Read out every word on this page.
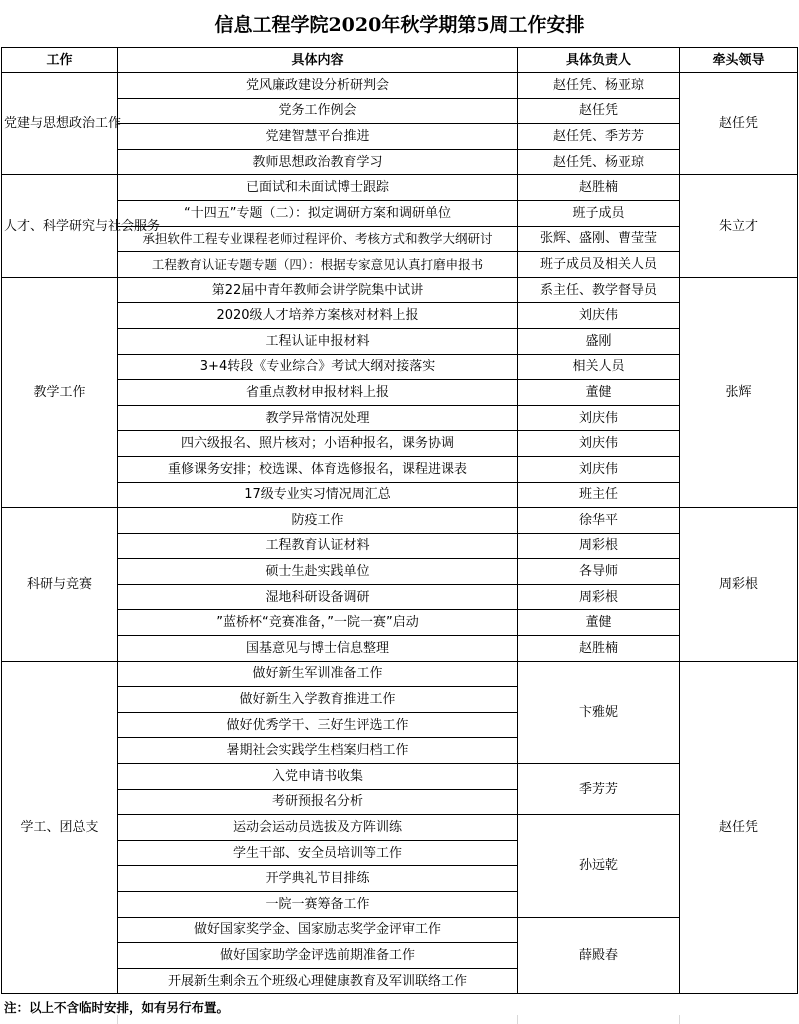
信息工程学院2020年秋学期第5周工作安排
工作	具体内容	具体负责人	牵头领导
党建与思想政治工作	党风廉政建设分析研判会	赵任凭、杨亚琼	赵任凭
	党务工作例会	赵任凭	
	党建智慧平台推进	赵任凭、季芳芳	
	教师思想政治教育学习	赵任凭、杨亚琼	
人才、科学研究与社会服务	已面试和未面试博士跟踪	赵胜楠	朱立才
	“十四五”专题（二）：拟定调研方案和调研单位	班子成员	
	承担软件工程专业课程老师过程评价、考核方式和教学大纲研讨	张辉、盛刚、曹莹莹	
	工程教育认证专题专题（四）：根据专家意见认真打磨申报书	班子成员及相关人员	
教学工作	第22届中青年教师会讲学院集中试讲	系主任、教学督导员	张辉
	2020级人才培养方案核对材料上报	刘庆伟	
	工程认证申报材料	盛刚	
	3+4转段《专业综合》考试大纲对接落实	相关人员	
	省重点教材申报材料上报	董健	
	教学异常情况处理	刘庆伟	
	四六级报名、照片核对；小语种报名，课务协调	刘庆伟	
	重修课务安排；校选课、体育选修报名，课程进课表	刘庆伟	
	17级专业实习情况周汇总	班主任	
科研与竞赛	防疫工作	徐华平	周彩根
	工程教育认证材料	周彩根	
	硕士生赴实践单位	各导师	
	湿地科研设备调研	周彩根	
	”蓝桥杯“竞赛准备，”一院一赛”启动	董健	
	国基意见与博士信息整理	赵胜楠	
学工、团总支	做好新生军训准备工作	卞雅妮	赵任凭
	做好新生入学教育推进工作		
	做好优秀学干、三好生评选工作		
	暑期社会实践学生档案归档工作		
	入党申请书收集	季芳芳	
	考研预报名分析		
	运动会运动员选拔及方阵训练	孙远乾	
	学生干部、安全员培训等工作		
	开学典礼节目排练		
	一院一赛筹备工作		
	做好国家奖学金、国家励志奖学金评审工作	薛殿春	
	做好国家助学金评选前期准备工作		
	开展新生剩余五个班级心理健康教育及军训联络工作		
注：以上不含临时安排，如有另行布置。
